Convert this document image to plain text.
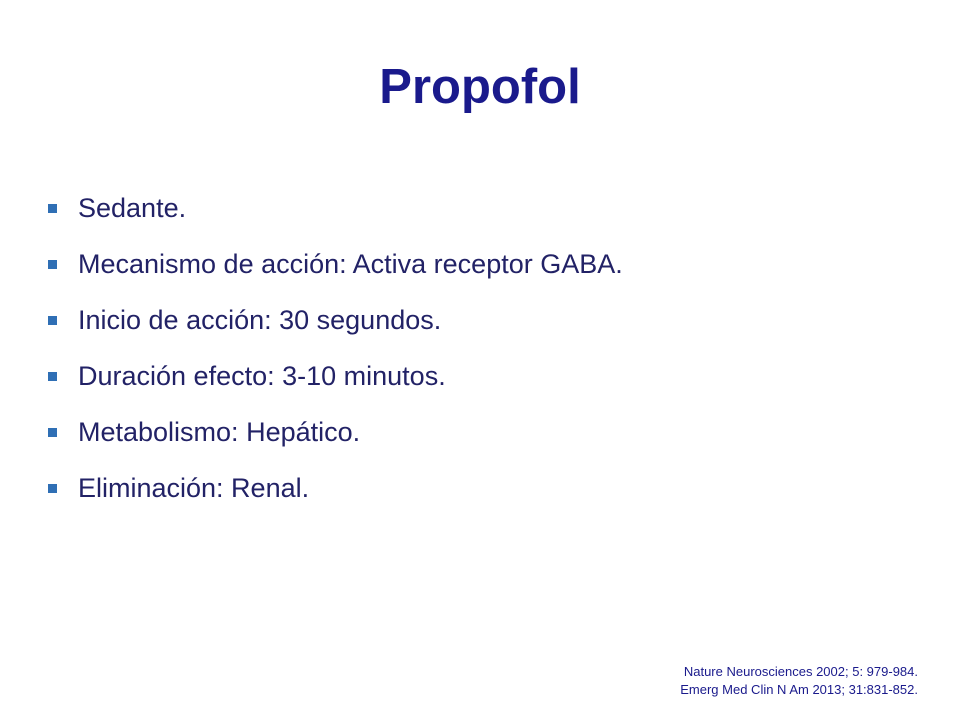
Propofol
Sedante.
Mecanismo de acción: Activa receptor GABA.
Inicio de acción: 30 segundos.
Duración efecto: 3-10 minutos.
Metabolismo: Hepático.
Eliminación: Renal.
Nature Neurosciences 2002; 5: 979-984.
Emerg Med Clin N Am 2013; 31:831-852.
